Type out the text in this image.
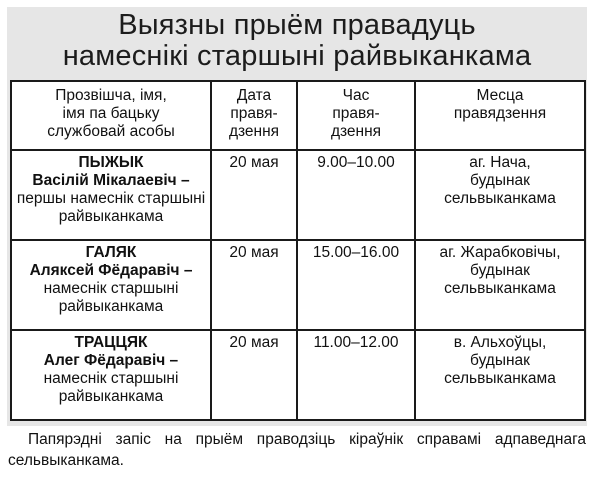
Выязны прыём правадуць
намеснікі старшыні райвыканкама
Прозвішча, імя,
імя па бацьку
службовай асобы	Дата
правя-
дзення	Час
правя-
дзення	Месца
правядзення

ПЫЖЫК
Васілій Мікалаевіч –
першы намеснік старшыні райвыканкама	20 мая	9.00–10.00	аг. Нача,
будынак
сельвыканкама

ГАЛЯК
Аляксей Фёдаравіч –
намеснік старшыні райвыканкама	20 мая	15.00–16.00	аг. Жарабковічы,
будынак
сельвыканкама

ТРАЦЦЯК
Алег Фёдаравіч –
намеснік старшыні райвыканкама	20 мая	11.00–12.00	в. Альхоўцы,
будынак
сельвыканкама

Папярэдні запіс на прыём праводзіць кіраўнік справамі адпаведнага сельвыканкама.
